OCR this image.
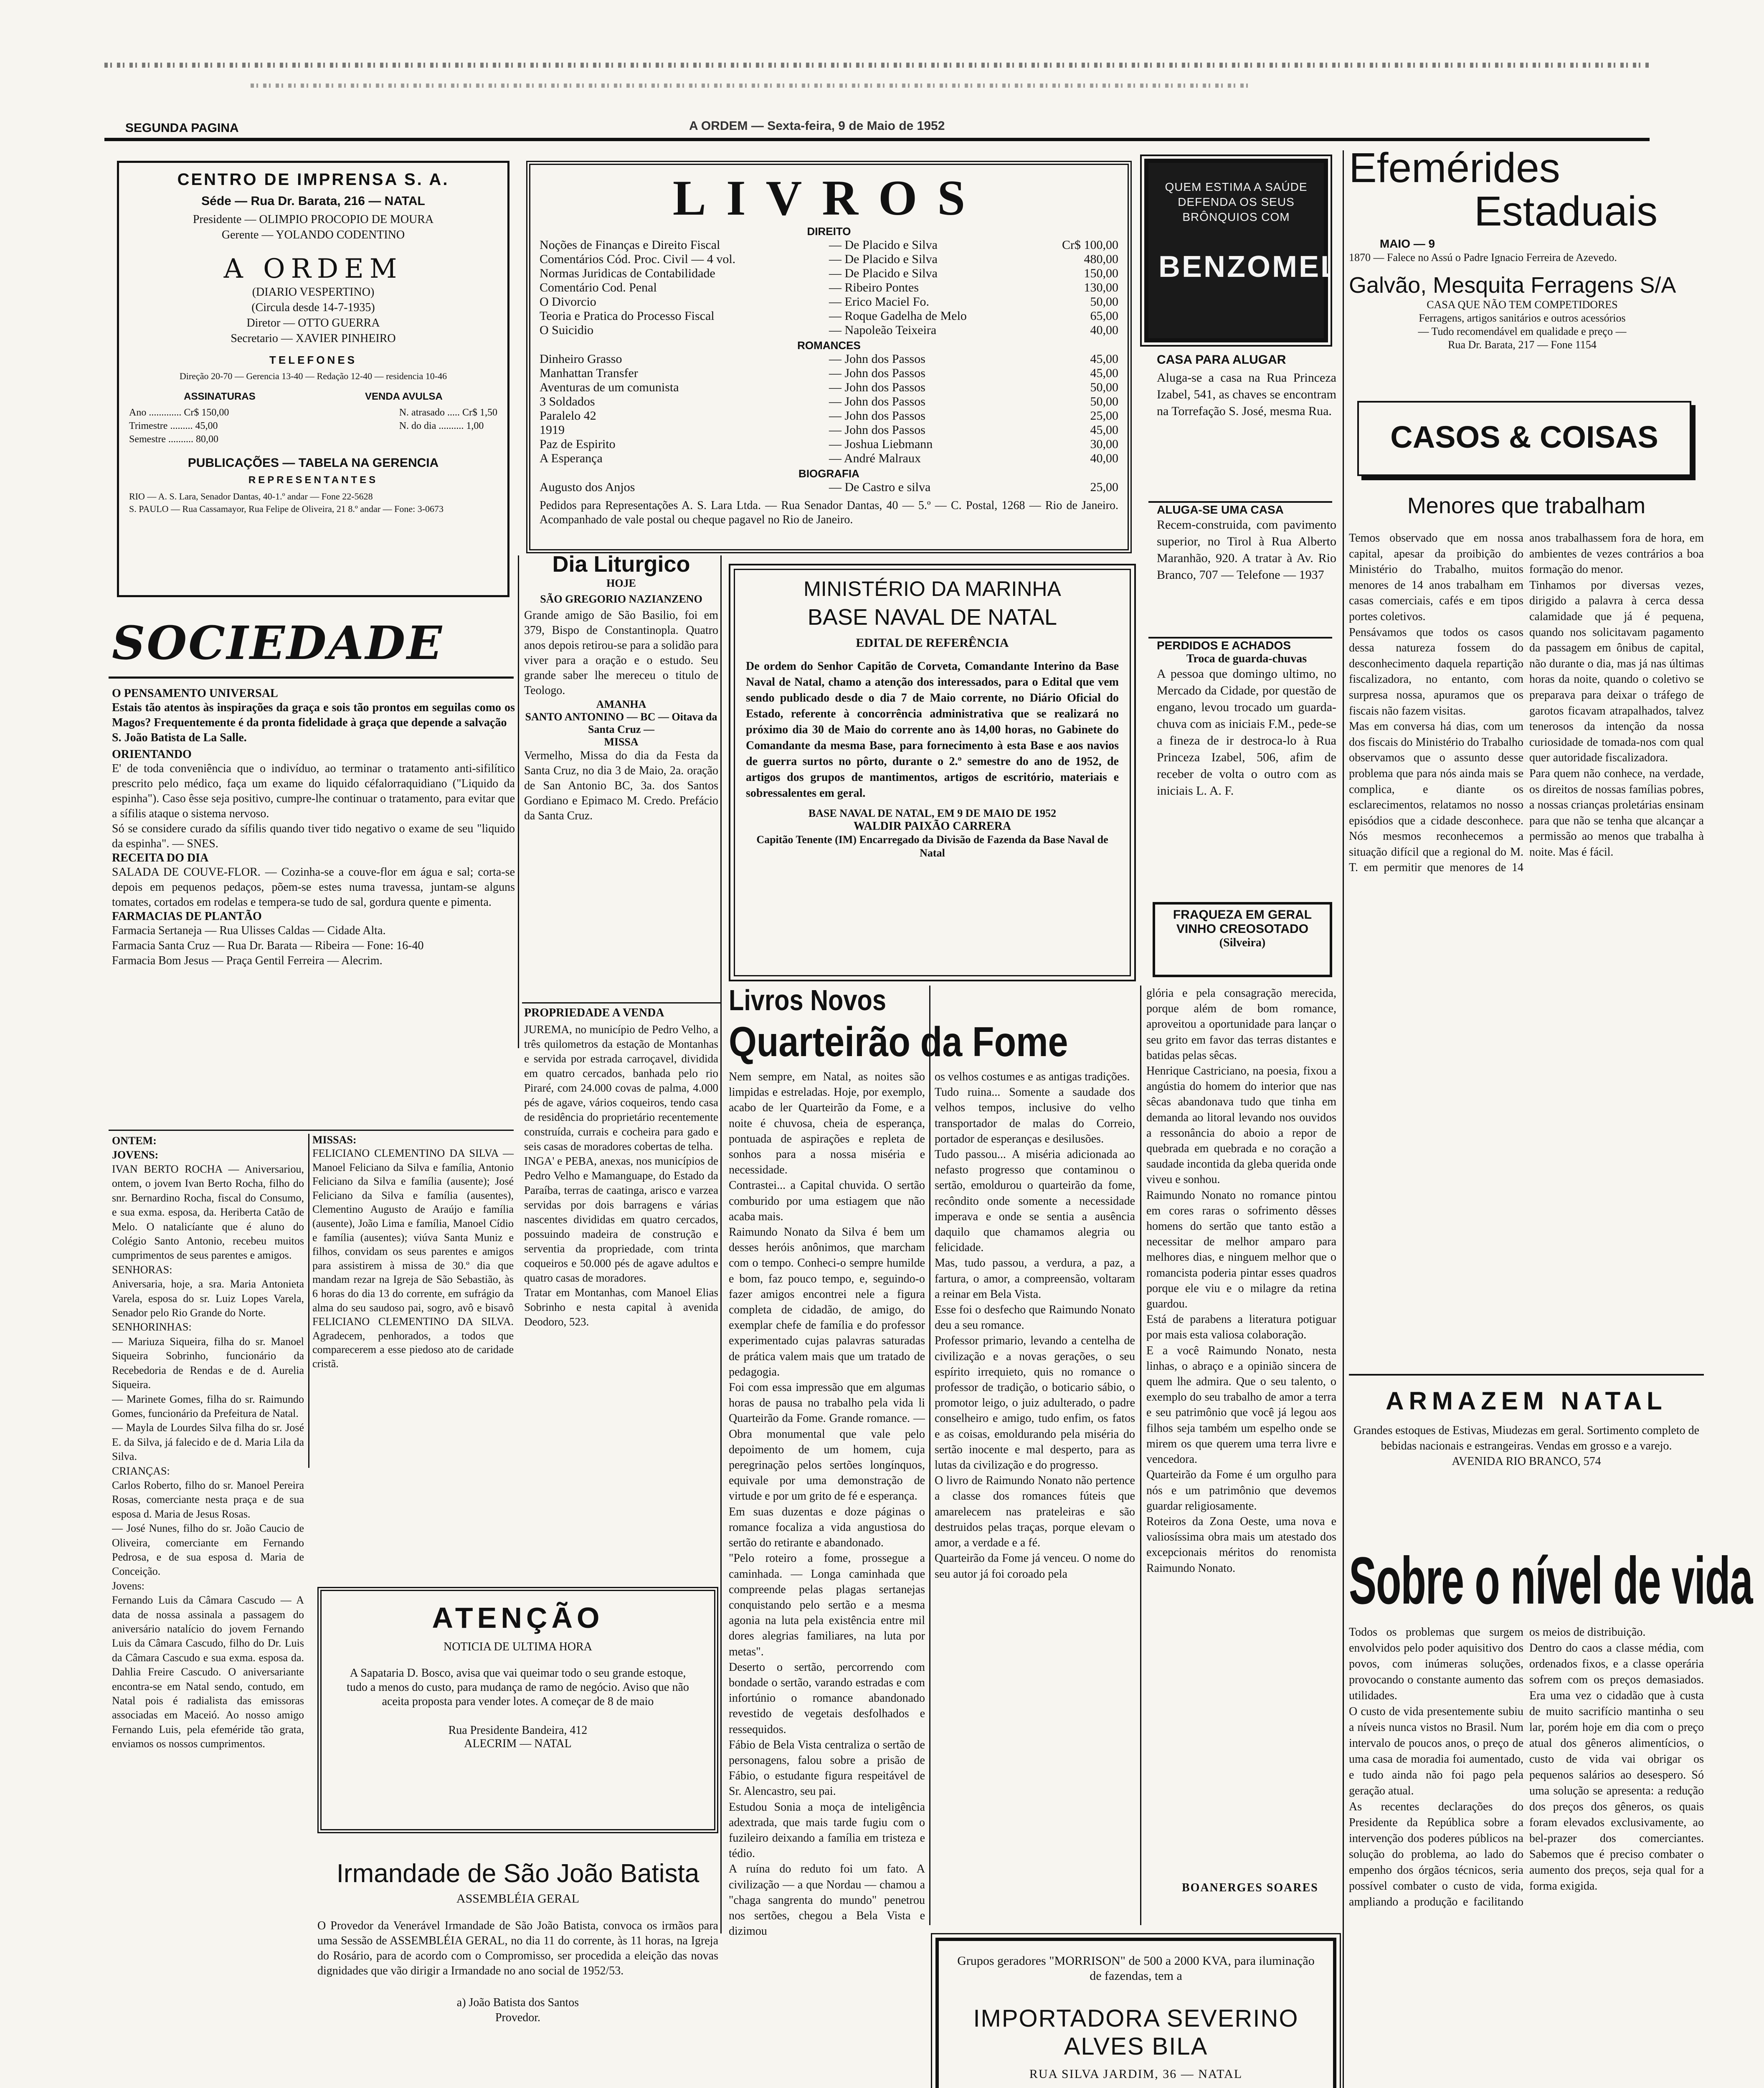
SEGUNDA PAGINA	A ORDEM — Sexta-feira, 9 de Maio de 1952
CENTRO DE IMPRENSA S. A.
Séde — Rua Dr. Barata, 216 — NATAL
Presidente — OLIMPIO PROCOPIO DE MOURA
Gerente — YOLANDO CODENTINO
A ORDEM
(DIARIO VESPERTINO)
(Circula desde 14-7-1935)
Diretor — OTTO GUERRA
Secretario — XAVIER PINHEIRO
TELEFONES
Direção 20-70 — Gerencia 13-40 — Redação 12-40 — residencia 10-46
ASSINATURAS	VENDA AVULSA
Ano ............. Cr$ 150,00
Trimestre ......... 45,00
Semestre .......... 80,00
N. atrasado ..... Cr$ 1,50
N. do dia .......... 1,00
PUBLICAÇÕES — TABELA NA GERENCIA
REPRESENTANTES
RIO — A. S. Lara, Senador Dantas, 40-1.º andar — Fone 22-5628
S. PAULO — Rua Cassamayor, Rua Felipe de Oliveira, 21 8.º andar — Fone: 3-0673
LIVROS
DIREITO
Noções de Finanças e Direito Fiscal	— De Placido e Silva	Cr$ 100,00
Comentários Cód. Proc. Civil — 4 vol.	— De Placido e Silva	480,00
Normas Juridicas de Contabilidade	— De Placido e Silva	150,00
Comentário Cod. Penal	— Ribeiro Pontes	130,00
O Divorcio	— Erico Maciel Fo.	50,00
Teoria e Pratica do Processo Fiscal	— Roque Gadelha de Melo	65,00
O Suicidio	— Napoleão Teixeira	40,00
ROMANCES
Dinheiro Grasso	— John dos Passos	45,00
Manhattan Transfer	— John dos Passos	45,00
Aventuras de um comunista	— John dos Passos	50,00
3 Soldados	— John dos Passos	50,00
Paralelo 42	— John dos Passos	25,00
1919	— John dos Passos	45,00
Paz de Espirito	— Joshua Liebmann	30,00
A Esperança	— André Malraux	40,00
BIOGRAFIA
Augusto dos Anjos	— De Castro e silva	25,00
Pedidos para Representações A. S. Lara Ltda. — Rua Senador Dantas, 40 — 5.º — C. Postal, 1268 — Rio de Janeiro. Acompanhado de vale postal ou cheque pagavel no Rio de Janeiro.
QUEM ESTIMA A SAÚDE DEFENDA OS SEUS BRÔNQUIOS COM
BENZOMEL
Efemérides
Estaduais
MAIO — 9
1870 — Falece no Assú o Padre Ignacio Ferreira de Azevedo.
Galvão, Mesquita Ferragens S/A
CASA QUE NÃO TEM COMPETIDORES
Ferragens, artigos sanitários e outros acessórios
— Tudo recomendável em qualidade e preço —
Rua Dr. Barata, 217 — Fone 1154
CASA PARA ALUGAR
Aluga-se a casa na Rua Princeza Izabel, 541, as chaves se encontram na Torrefação S. José, mesma Rua.
ALUGA-SE UMA CASA
Recem-construida, com pavimento superior, no Tirol à Rua Alberto Maranhão, 920. A tratar à Av. Rio Branco, 707 — Telefone — 1937
PERDIDOS E ACHADOS
Troca de guarda-chuvas
A pessoa que domingo ultimo, no Mercado da Cidade, por questão de engano, levou trocado um guarda-chuva com as iniciais F.M., pede-se a fineza de ir destroca-lo à Rua Princeza Izabel, 506, afim de receber de volta o outro com as iniciais L. A. F.
FRAQUEZA EM GERAL
VINHO CREOSOTADO
(Silveira)
CASOS & COISAS
Menores que trabalham
Temos observado que em nossa capital, apesar da proibição do Ministério do Trabalho, muitos menores de 14 anos trabalham em casas comerciais, cafés e em tipos portes coletivos.
Pensávamos que todos os casos dessa natureza fossem do desconhecimento daquela repartição fiscalizadora, no entanto, com surpresa nossa, apuramos que os fiscais não fazem visitas.
Mas em conversa há dias, com um dos fiscais do Ministério do Trabalho observamos que o assunto desse problema que para nós ainda mais se complica, e diante os esclarecimentos, relatamos no nosso episódios que a cidade desconhece. Nós mesmos reconhecemos a situação difícil que a regional do M. T. em permitir que menores de 14 anos trabalhassem fora de hora, em ambientes de vezes contrários a boa formação do menor.
Tinhamos por diversas vezes, dirigido a palavra à cerca dessa calamidade que já é pequena, quando nos solicitavam pagamento da passagem em ônibus de capital, não durante o dia, mas já nas últimas horas da noite, quando o coletivo se preparava para deixar o tráfego de garotos ficavam atrapalhados, talvez tenerosos da intenção da nossa curiosidade de tomada-nos com qual quer autoridade fiscalizadora.
Para quem não conhece, na verdade, os direitos de nossas famílias pobres, a nossas crianças proletárias ensinam para que não se tenha que alcançar a permissão ao menos que trabalha à noite. Mas é fácil.
ARMAZEM NATAL
Grandes estoques de Estivas, Miudezas em geral. Sortimento completo de bebidas nacionais e estrangeiras. Vendas em grosso e a varejo.
AVENIDA RIO BRANCO, 574
Sobre o nível de vida
Todos os problemas que surgem envolvidos pelo poder aquisitivo dos povos, com inúmeras soluções, provocando o constante aumento das utilidades.
O custo de vida presentemente subiu a níveis nunca vistos no Brasil. Num intervalo de poucos anos, o preço de uma casa de moradia foi aumentado, e tudo ainda não foi pago pela geração atual.
As recentes declarações do Presidente da República sobre a intervenção dos poderes públicos na solução do problema, ao lado do empenho dos órgãos técnicos, seria possível combater o custo de vida, ampliando a produção e facilitando os meios de distribuição.
Dentro do caos a classe média, com ordenados fixos, e a classe operária sofrem com os preços demasiados. Era uma vez o cidadão que à custa de muito sacrifício mantinha o seu lar, porém hoje em dia com o preço atual dos gêneros alimentícios, o custo de vida vai obrigar os pequenos salários ao desespero. Só uma solução se apresenta: a redução dos preços dos gêneros, os quais foram elevados exclusivamente, ao bel-prazer dos comerciantes. Sabemos que é preciso combater o aumento dos preços, seja qual for a forma exigida.
SOCIEDADE
O PENSAMENTO UNIVERSAL
Estais tão atentos às inspirações da graça e sois tão prontos em seguilas como os Magos? Frequentemente é da pronta fidelidade à graça que depende a salvação
S. João Batista de La Salle.
ORIENTANDO
E' de toda conveniência que o indivíduo, ao terminar o tratamento anti-sifilítico prescrito pelo médico, faça um exame do liquido céfalorraquidiano ("Liquido da espinha"). Caso êsse seja positivo, cumpre-lhe continuar o tratamento, para evitar que a sífilis ataque o sistema nervoso.
Só se considere curado da sífilis quando tiver tido negativo o exame de seu "liquido da espinha". — SNES.
RECEITA DO DIA
SALADA DE COUVE-FLOR. — Cozinha-se a couve-flor em água e sal; corta-se depois em pequenos pedaços, põem-se estes numa travessa, juntam-se alguns tomates, cortados em rodelas e tempera-se tudo de sal, gordura quente e pimenta.
FARMACIAS DE PLANTÃO
Farmacia Sertaneja — Rua Ulisses Caldas — Cidade Alta.
Farmacia Santa Cruz — Rua Dr. Barata — Ribeira — Fone: 16-40
Farmacia Bom Jesus — Praça Gentil Ferreira — Alecrim.
ONTEM:
JOVENS:
IVAN BERTO ROCHA — Aniversariou, ontem, o jovem Ivan Berto Rocha, filho do snr. Bernardino Rocha, fiscal do Consumo, e sua exma. esposa, da. Heriberta Catão de Melo. O natalicíante que é aluno do Colégio Santo Antonio, recebeu muitos cumprimentos de seus parentes e amigos.
SENHORAS:
Aniversaria, hoje, a sra. Maria Antonieta Varela, esposa do sr. Luiz Lopes Varela, Senador pelo Rio Grande do Norte.
SENHORINHAS:
— Mariuza Siqueira, filha do sr. Manoel Siqueira Sobrinho, funcionário da Recebedoria de Rendas e de d. Aurelia Siqueira.
— Marinete Gomes, filha do sr. Raimundo Gomes, funcionário da Prefeitura de Natal.
— Mayla de Lourdes Silva filha do sr. José E. da Silva, já falecido e de d. Maria Lila da Silva.
CRIANÇAS:
Carlos Roberto, filho do sr. Manoel Pereira Rosas, comerciante nesta praça e de sua esposa d. Maria de Jesus Rosas.
— José Nunes, filho do sr. João Caucio de Oliveira, comerciante em Fernando Pedrosa, e de sua esposa d. Maria de Conceição.
Jovens:
Fernando Luis da Câmara Cascudo — A data de nossa assinala a passagem do aniversário natalício do jovem Fernando Luis da Câmara Cascudo, filho do Dr. Luis da Câmara Cascudo e sua exma. esposa da. Dahlia Freire Cascudo. O aniversariante encontra-se em Natal sendo, contudo, em Natal pois é radialista das emissoras associadas em Maceió. Ao nosso amigo Fernando Luis, pela efeméride tão grata, enviamos os nossos cumprimentos.
MISSAS:
FELICIANO CLEMENTINO DA SILVA — Manoel Feliciano da Silva e família, Antonio Feliciano da Silva e família (ausente); José Feliciano da Silva e família (ausentes), Clementino Augusto de Araújo e família (ausente), João Lima e família, Manoel Cídio e família (ausentes); viúva Santa Muniz e filhos, convidam os seus parentes e amigos para assistirem à missa de 30.º dia que mandam rezar na Igreja de São Sebastião, às 6 horas do dia 13 do corrente, em sufrágio da alma do seu saudoso pai, sogro, avô e bisavô FELICIANO CLEMENTINO DA SILVA. Agradecem, penhorados, a todos que comparecerem a esse piedoso ato de caridade cristã.
Dia Liturgico
HOJE
SÃO GREGORIO NAZIANZENO
Grande amigo de São Basilio, foi em 379, Bispo de Constantinopla. Quatro anos depois retirou-se para a solidão para viver para a oração e o estudo. Seu grande saber lhe mereceu o titulo de Teologo.
AMANHA
SANTO ANTONINO — BC — Oitava da Santa Cruz —
MISSA
Vermelho, Missa do dia da Festa da Santa Cruz, no dia 3 de Maio, 2a. oração de San Antonio BC, 3a. dos Santos Gordiano e Epimaco M. Credo. Prefácio da Santa Cruz.
PROPRIEDADE A VENDA
JUREMA, no município de Pedro Velho, a três quilometros da estação de Montanhas e servida por estrada carroçavel, dividida em quatro cercados, banhada pelo rio Piraré, com 24.000 covas de palma, 4.000 pés de agave, vários coqueiros, tendo casa de residência do proprietário recentemente construída, currais e cocheira para gado e seis casas de moradores cobertas de telha.
INGA' e PEBA, anexas, nos municípios de Pedro Velho e Mamanguape, do Estado da Paraíba, terras de caatinga, arisco e varzea servidas por dois barragens e várias nascentes divididas em quatro cercados, possuindo madeira de construção e serventia da propriedade, com trinta coqueiros e 50.000 pés de agave adultos e quatro casas de moradores.
Tratar em Montanhas, com Manoel Elias Sobrinho e nesta capital à avenida Deodoro, 523.
MINISTÉRIO DA MARINHA
BASE NAVAL DE NATAL
EDITAL DE REFERÊNCIA
De ordem do Senhor Capitão de Corveta, Comandante Interino da Base Naval de Natal, chamo a atenção dos interessados, para o Edital que vem sendo publicado desde o dia 7 de Maio corrente, no Diário Oficial do Estado, referente à concorrência administrativa que se realizará no próximo dia 30 de Maio do corrente ano às 14,00 horas, no Gabinete do Comandante da mesma Base, para fornecimento à esta Base e aos navios de guerra surtos no pôrto, durante o 2.º semestre do ano de 1952, de artigos dos grupos de mantimentos, artigos de escritório, materiais e sobressalentes em geral.
BASE NAVAL DE NATAL, EM 9 DE MAIO DE 1952
WALDIR PAIXÃO CARRERA
Capitão Tenente (IM) Encarregado da Divisão de Fazenda da Base Naval de Natal
Livros Novos
Quarteirão da Fome
Nem sempre, em Natal, as noites são limpidas e estreladas. Hoje, por exemplo, acabo de ler Quarteirão da Fome, e a noite é chuvosa, cheia de esperança, pontuada de aspirações e repleta de sonhos para a nossa miséria e necessidade.
Contrastei... a Capital chuvida. O sertão comburido por uma estiagem que não acaba mais.
Raimundo Nonato da Silva é bem um desses heróis anônimos, que marcham com o tempo. Conheci-o sempre humilde e bom, faz pouco tempo, e, seguindo-o fazer amigos encontrei nele a figura completa de cidadão, de amigo, do exemplar chefe de família e do professor experimentado cujas palavras saturadas de prática valem mais que um tratado de pedagogia.
Foi com essa impressão que em algumas horas de pausa no trabalho pela vida li Quarteirão da Fome. Grande romance. — Obra monumental que vale pelo depoimento de um homem, cuja peregrinação pelos sertões longínquos, equivale por uma demonstração de virtude e por um grito de fé e esperança.
Em suas duzentas e doze páginas o romance focaliza a vida angustiosa do sertão do retirante e abandonado.
"Pelo roteiro a fome, prossegue a caminhada. — Longa caminhada que compreende pelas plagas sertanejas conquistando pelo sertão e a mesma agonia na luta pela existência entre mil dores alegrias familiares, na luta por metas".
Deserto o sertão, percorrendo com bondade o sertão, varando estradas e com infortúnio o romance abandonado revestido de vegetais desfolhados e ressequidos.
Fábio de Bela Vista centraliza o sertão de personagens, falou sobre a prisão de Fábio, o estudante figura respeitável de Sr. Alencastro, seu pai.
Estudou Sonia a moça de inteligência adextrada, que mais tarde fugiu com o fuzileiro deixando a família em tristeza e tédio.
A ruína do reduto foi um fato. A civilização — a que Nordau — chamou a "chaga sangrenta do mundo" penetrou nos sertões, chegou a Bela Vista e dizimou
os velhos costumes e as antigas tradições.
Tudo ruina... Somente a saudade dos velhos tempos, inclusive do velho transportador de malas do Correio, portador de esperanças e desilusões.
Tudo passou... A miséria adicionada ao nefasto progresso que contaminou o sertão, emoldurou o quarteirão da fome, recôndito onde somente a necessidade imperava e onde se sentia a ausência daquilo que chamamos alegria ou felicidade.
Mas, tudo passou, a verdura, a paz, a fartura, o amor, a compreensão, voltaram a reinar em Bela Vista.
Esse foi o desfecho que Raimundo Nonato deu a seu romance.
Professor primario, levando a centelha de civilização e a novas gerações, o seu espírito irrequieto, quis no romance o professor de tradição, o boticario sábio, o promotor leigo, o juiz adulterado, o padre conselheiro e amigo, tudo enfim, os fatos e as coisas, emoldurando pela miséria do sertão inocente e mal desperto, para as lutas da civilização e do progresso.
O livro de Raimundo Nonato não pertence a classe dos romances fúteis que amarelecem nas prateleiras e são destruidos pelas traças, porque elevam o amor, a verdade e a fé.
Quarteirão da Fome já venceu. O nome do seu autor já foi coroado pela
glória e pela consagração merecida, porque além de bom romance, aproveitou a oportunidade para lançar o seu grito em favor das terras distantes e batidas pelas sêcas.
Henrique Castriciano, na poesia, fixou a angústia do homem do interior que nas sêcas abandonava tudo que tinha em demanda ao litoral levando nos ouvidos a ressonância do aboio a repor de quebrada em quebrada e no coração a saudade incontida da gleba querida onde viveu e sonhou.
Raimundo Nonato no romance pintou em cores raras o sofrimento dêsses homens do sertão que tanto estão a necessitar de melhor amparo para melhores dias, e ninguem melhor que o romancista poderia pintar esses quadros porque ele viu e o milagre da retina guardou.
Está de parabens a literatura potiguar por mais esta valiosa colaboração.
E a você Raimundo Nonato, nesta linhas, o abraço e a opinião sincera de quem lhe admira. Que o seu talento, o exemplo do seu trabalho de amor a terra e seu patrimônio que você já legou aos filhos seja também um espelho onde se mirem os que querem uma terra livre e vencedora.
Quarteirão da Fome é um orgulho para nós e um patrimônio que devemos guardar religiosamente.
Roteiros da Zona Oeste, uma nova e valiosíssima obra mais um atestado dos excepcionais méritos do renomista Raimundo Nonato.
BOANERGES SOARES
ATENÇÃO
NOTICIA DE ULTIMA HORA
A Sapataria D. Bosco, avisa que vai queimar todo o seu grande estoque, tudo a menos do custo, para mudança de ramo de negócio. Aviso que não aceita proposta para vender lotes. A começar de 8 de maio
Rua Presidente Bandeira, 412
ALECRIM — NATAL
Irmandade de São João Batista
ASSEMBLÉIA GERAL
O Provedor da Venerável Irmandade de São João Batista, convoca os irmãos para uma Sessão de ASSEMBLÉIA GERAL, no dia 11 do corrente, às 11 horas, na Igreja do Rosário, para de acordo com o Compromisso, ser procedida a eleição das novas dignidades que vão dirigir a Irmandade no ano social de 1952/53.
a) João Batista dos Santos
Provedor.
Grupos geradores "MORRISON" de 500 a 2000 KVA, para iluminação de fazendas, tem a
IMPORTADORA SEVERINO
ALVES BILA
RUA SILVA JARDIM, 36 — NATAL
